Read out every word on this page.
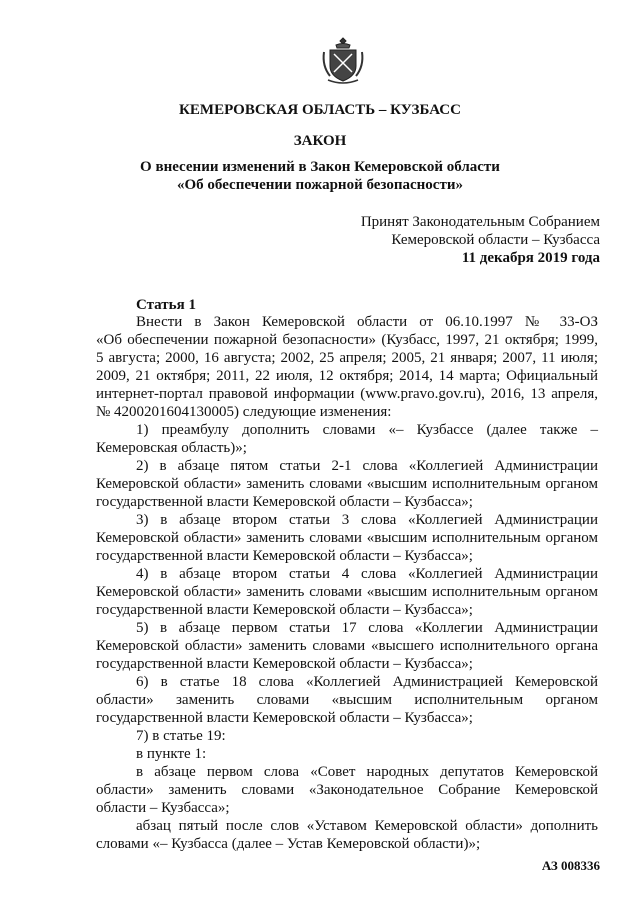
КЕМЕРОВСКАЯ ОБЛАСТЬ – КУЗБАСС
ЗАКОН
О внесении изменений в Закон Кемеровской области
«Об обеспечении пожарной безопасности»
Принят Законодательным Собранием
Кемеровской области – Кузбасса
11 декабря 2019 года
Статья 1
Внести в Закон Кемеровской области от 06.10.1997 № 33-ОЗ
«Об обеспечении пожарной безопасности» (Кузбасс, 1997, 21 октября; 1999,
5 августа; 2000, 16 августа; 2002, 25 апреля; 2005, 21 января; 2007, 11 июля;
2009, 21 октября; 2011, 22 июля, 12 октября; 2014, 14 марта; Официальный
интернет-портал правовой информации (www.pravo.gov.ru), 2016, 13 апреля,
№ 4200201604130005) следующие изменения:
1) преамбулу дополнить словами «– Кузбассе (далее также –
Кемеровская область)»;
2) в абзаце пятом статьи 2-1 слова «Коллегией Администрации
Кемеровской области» заменить словами «высшим исполнительным органом
государственной власти Кемеровской области – Кузбасса»;
3) в абзаце втором статьи 3 слова «Коллегией Администрации
Кемеровской области» заменить словами «высшим исполнительным органом
государственной власти Кемеровской области – Кузбасса»;
4) в абзаце втором статьи 4 слова «Коллегией Администрации
Кемеровской области» заменить словами «высшим исполнительным органом
государственной власти Кемеровской области – Кузбасса»;
5) в абзаце первом статьи 17 слова «Коллегии Администрации
Кемеровской области» заменить словами «высшего исполнительного органа
государственной власти Кемеровской области – Кузбасса»;
6) в статье 18 слова «Коллегией Администрацией Кемеровской
области» заменить словами «высшим исполнительным органом
государственной власти Кемеровской области – Кузбасса»;
7) в статье 19:
в пункте 1:
в абзаце первом слова «Совет народных депутатов Кемеровской
области» заменить словами «Законодательное Собрание Кемеровской
области – Кузбасса»;
абзац пятый после слов «Уставом Кемеровской области» дополнить
словами «– Кузбасса (далее – Устав Кемеровской области)»;
АЗ 008336
